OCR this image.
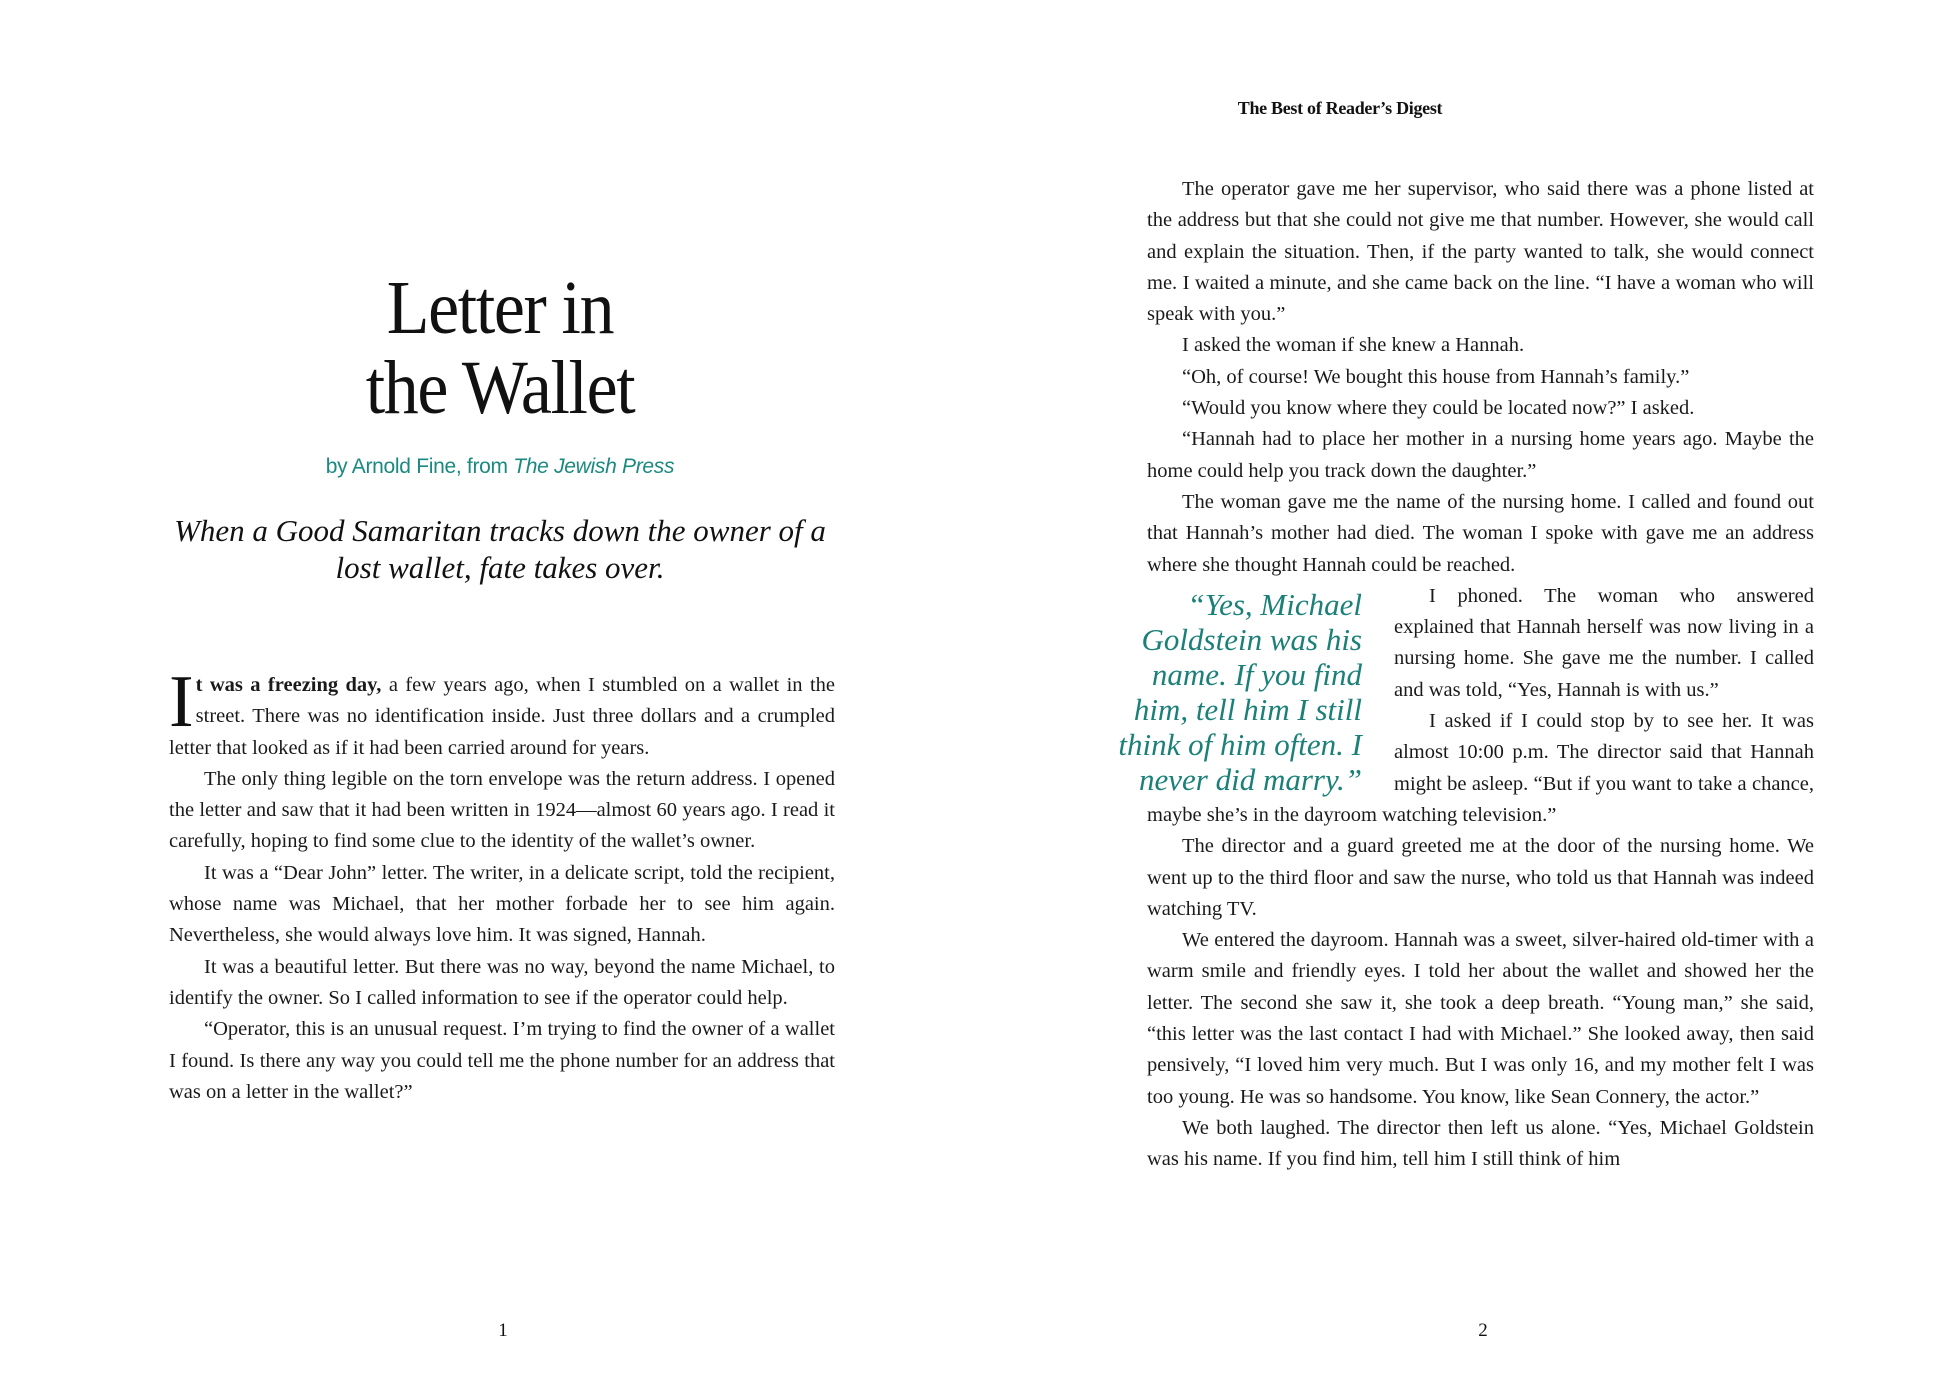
Letter in
the Wallet
by Arnold Fine, from The Jewish Press
When a Good Samaritan tracks down the owner of a lost wallet, fate takes over.

It was a freezing day, a few years ago, when I stumbled on a wallet in the street. There was no identification inside. Just three dollars and a crumpled letter that looked as if it had been carried around for years.

The only thing legible on the torn envelope was the return address. I opened the letter and saw that it had been written in 1924—almost 60 years ago. I read it carefully, hoping to find some clue to the identity of the wallet’s owner.

It was a “Dear John” letter. The writer, in a delicate script, told the recipient, whose name was Michael, that her mother forbade her to see him again. Nevertheless, she would always love him. It was signed, Hannah.

It was a beautiful letter. But there was no way, beyond the name Michael, to identify the owner. So I called information to see if the operator could help.

“Operator, this is an unusual request. I’m trying to find the owner of a wallet I found. Is there any way you could tell me the phone number for an address that was on a letter in the wallet?”

1
The Best of Reader’s Digest

The operator gave me her supervisor, who said there was a phone listed at the address but that she could not give me that number. However, she would call and explain the situation. Then, if the party wanted to talk, she would connect me. I waited a minute, and she came back on the line. “I have a woman who will speak with you.”

I asked the woman if she knew a Hannah.

“Oh, of course! We bought this house from Hannah’s family.”

“Would you know where they could be located now?” I asked.

“Hannah had to place her mother in a nursing home years ago. Maybe the home could help you track down the daughter.”

The woman gave me the name of the nursing home. I called and found out that Hannah’s mother had died. The woman I spoke with gave me an address where she thought Hannah could be reached.

“Yes, Michael Goldstein was his name. If you find him, tell him I still think of him often. I never did marry.”

I phoned. The woman who answered explained that Hannah herself was now living in a nursing home. She gave me the number. I called and was told, “Yes, Hannah is with us.”

I asked if I could stop by to see her. It was almost 10:00 p.m. The director said that Hannah might be asleep. “But if you want to take a chance, maybe she’s in the dayroom watching television.”

The director and a guard greeted me at the door of the nursing home. We went up to the third floor and saw the nurse, who told us that Hannah was indeed watching TV.

We entered the dayroom. Hannah was a sweet, silver-haired old-timer with a warm smile and friendly eyes. I told her about the wallet and showed her the letter. The second she saw it, she took a deep breath. “Young man,” she said, “this letter was the last contact I had with Michael.” She looked away, then said pensively, “I loved him very much. But I was only 16, and my mother felt I was too young. He was so handsome. You know, like Sean Connery, the actor.”

We both laughed. The director then left us alone. “Yes, Michael Goldstein was his name. If you find him, tell him I still think of him

2
